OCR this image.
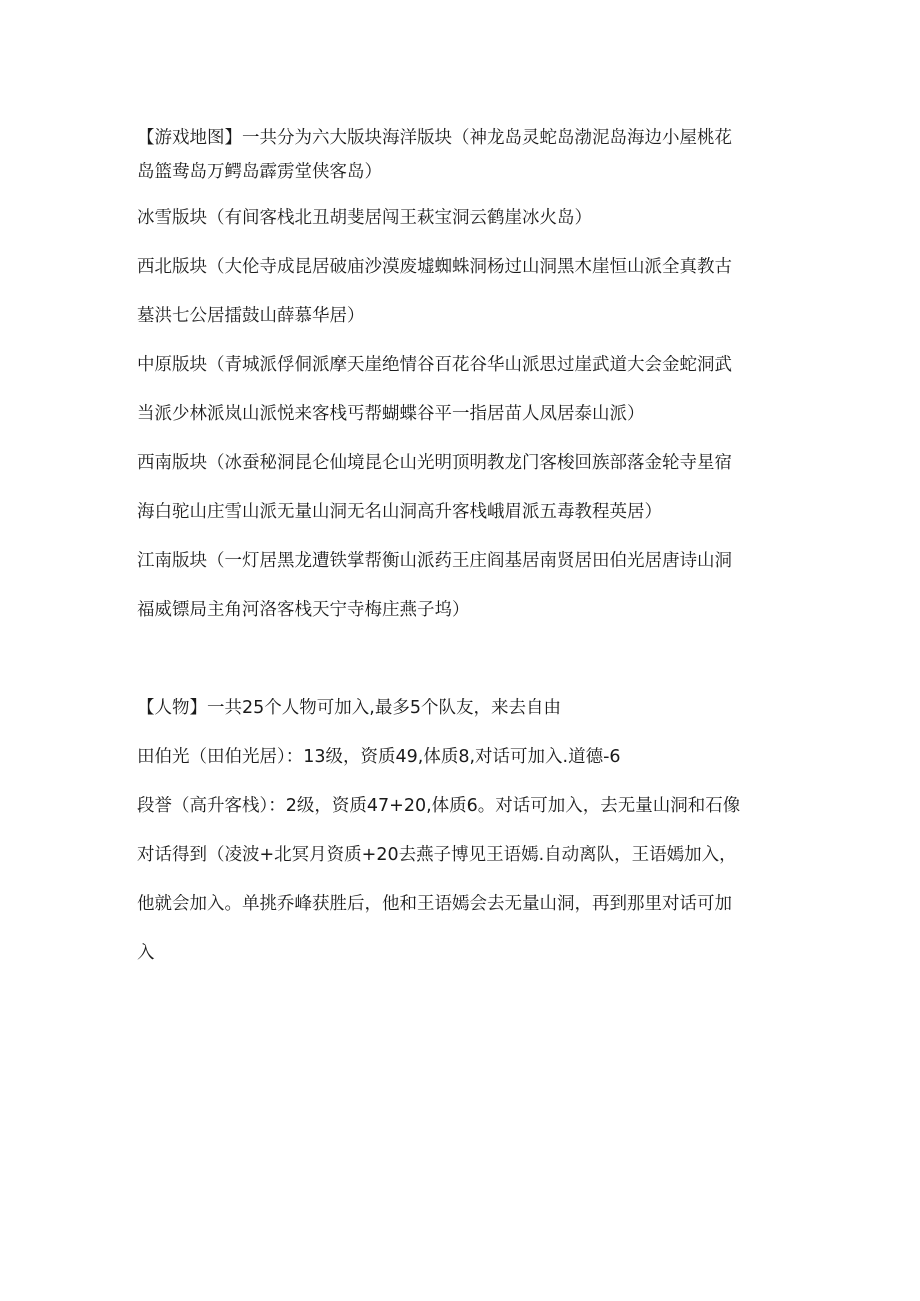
【游戏地图】一共分为六大版块海洋版块（神龙岛灵蛇岛渤泥岛海边小屋桃花
岛篮鸯岛万鳄岛霹雳堂侠客岛）
冰雪版块（有间客栈北丑胡斐居闯王萩宝洞云鹤崖冰火岛）
西北版块（大伦寺成昆居破庙沙漠废墟蜘蛛洞杨过山洞黑木崖恒山派全真教古
墓洪七公居擂鼓山薛慕华居）
中原版块（青城派俘侗派摩天崖绝情谷百花谷华山派思过崖武道大会金蛇洞武
当派少林派岚山派悦来客栈丐帮蝴蝶谷平一指居苗人凤居泰山派）
西南版块（冰蚕秘洞昆仑仙境昆仑山光明顶明教龙门客梭回族部落金轮寺星宿
海白驼山庄雪山派无量山洞无名山洞高升客栈峨眉派五毒教程英居）
江南版块（一灯居黑龙遭铁掌帮衡山派药王庄阎基居南贤居田伯光居唐诗山洞
福威镖局主角河洛客栈天宁寺梅庄燕子坞）
【人物】一共25个人物可加入,最多5个队友，来去自由
田伯光（田伯光居）：13级，资质49,体质8,对话可加入.道德-6
段誉（高升客栈）：2级，资质47+20,体质6。对话可加入，去无量山洞和石像
对话得到（凌波+北冥月资质+20去燕子博见王语嫣.自动离队，王语嫣加入，
他就会加入。单挑乔峰获胜后，他和王语嫣会去无量山洞，再到那里对话可加
入
